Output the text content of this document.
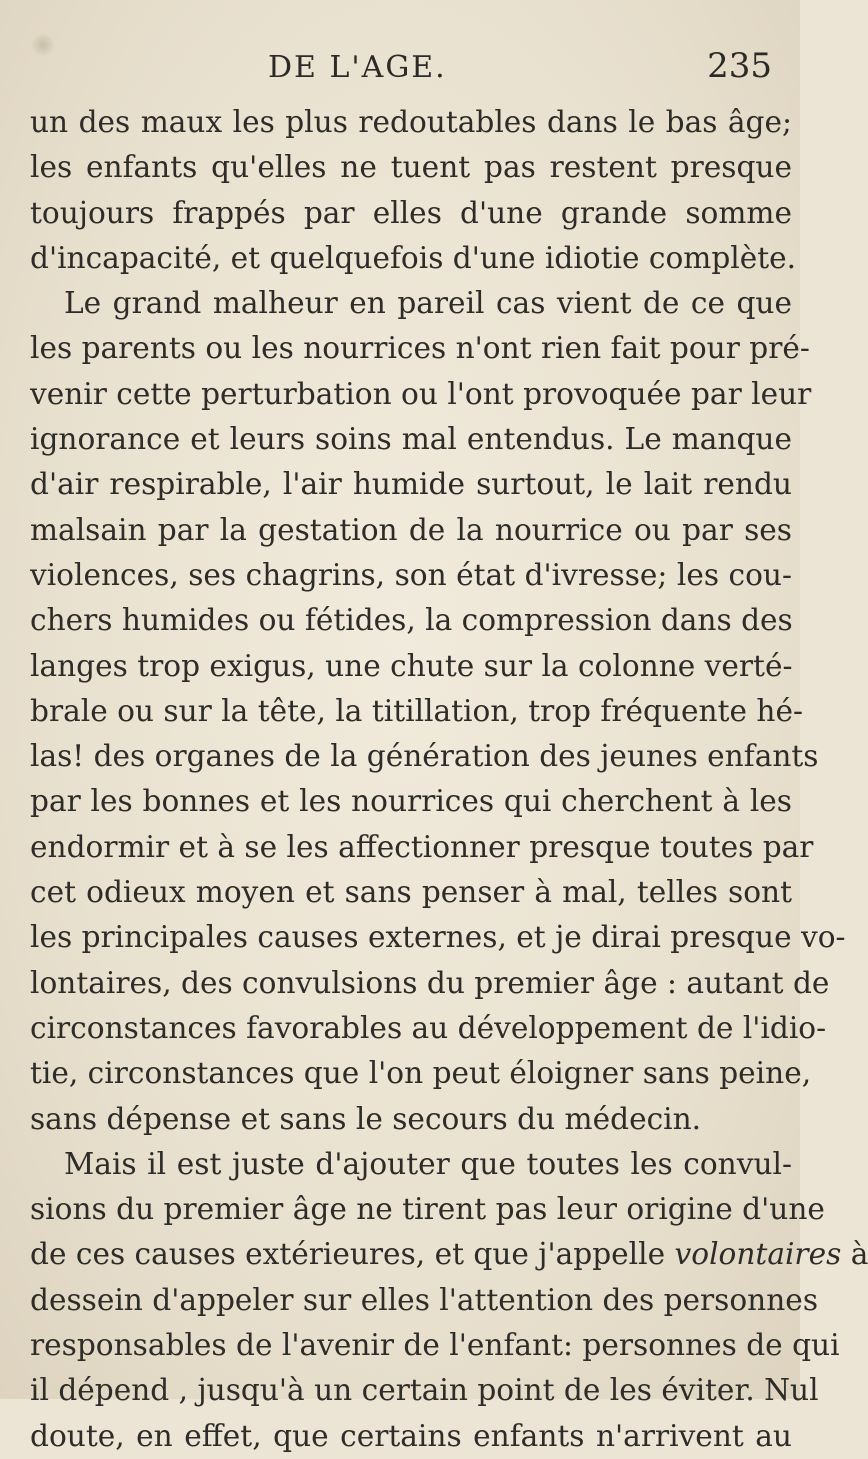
DE L'AGE.	235
un des maux les plus redoutables dans le bas âge;
les enfants qu'elles ne tuent pas restent presque
toujours frappés par elles d'une grande somme
d'incapacité, et quelquefois d'une idiotie complète.
Le grand malheur en pareil cas vient de ce que
les parents ou les nourrices n'ont rien fait pour pré-
venir cette perturbation ou l'ont provoquée par leur
ignorance et leurs soins mal entendus. Le manque
d'air respirable, l'air humide surtout, le lait rendu
malsain par la gestation de la nourrice ou par ses
violences, ses chagrins, son état d'ivresse; les cou-
chers humides ou fétides, la compression dans des
langes trop exigus, une chute sur la colonne verté-
brale ou sur la tête, la titillation, trop fréquente hé-
las! des organes de la génération des jeunes enfants
par les bonnes et les nourrices qui cherchent à les
endormir et à se les affectionner presque toutes par
cet odieux moyen et sans penser à mal, telles sont
les principales causes externes, et je dirai presque vo-
lontaires, des convulsions du premier âge : autant de
circonstances favorables au développement de l'idio-
tie, circonstances que l'on peut éloigner sans peine,
sans dépense et sans le secours du médecin.
Mais il est juste d'ajouter que toutes les convul-
sions du premier âge ne tirent pas leur origine d'une
de ces causes extérieures, et que j'appelle volontaires à
dessein d'appeler sur elles l'attention des personnes
responsables de l'avenir de l'enfant: personnes de qui
il dépend , jusqu'à un certain point de les éviter. Nul
doute, en effet, que certains enfants n'arrivent au
